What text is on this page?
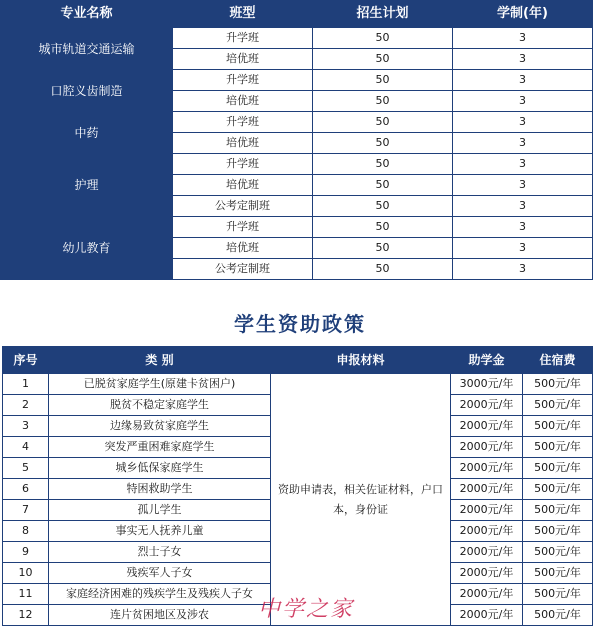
专业名称	班型	招生计划	学制(年)
城市轨道交通运输	升学班	50	3
	培优班	50	3
口腔义齿制造	升学班	50	3
	培优班	50	3
中药	升学班	50	3
	培优班	50	3
护理	升学班	50	3
	培优班	50	3
	公考定制班	50	3
幼儿教育	升学班	50	3
	培优班	50	3
	公考定制班	50	3
学生资助政策
序号	类 别	申报材料	助学金	住宿费
1	已脱贫家庭学生(原建卡贫困户)	资助申请表，相关佐证材料，户口本，身份证	3000元/年	500元/年
2	脱贫不稳定家庭学生		2000元/年	500元/年
3	边缘易致贫家庭学生		2000元/年	500元/年
4	突发严重困难家庭学生		2000元/年	500元/年
5	城乡低保家庭学生		2000元/年	500元/年
6	特困救助学生		2000元/年	500元/年
7	孤儿学生		2000元/年	500元/年
8	事实无人抚养儿童		2000元/年	500元/年
9	烈士子女		2000元/年	500元/年
10	残疾军人子女		2000元/年	500元/年
11	家庭经济困难的残疾学生及残疾人子女		2000元/年	500元/年
12	连片贫困地区及涉农		2000元/年	500元/年
中学之家
